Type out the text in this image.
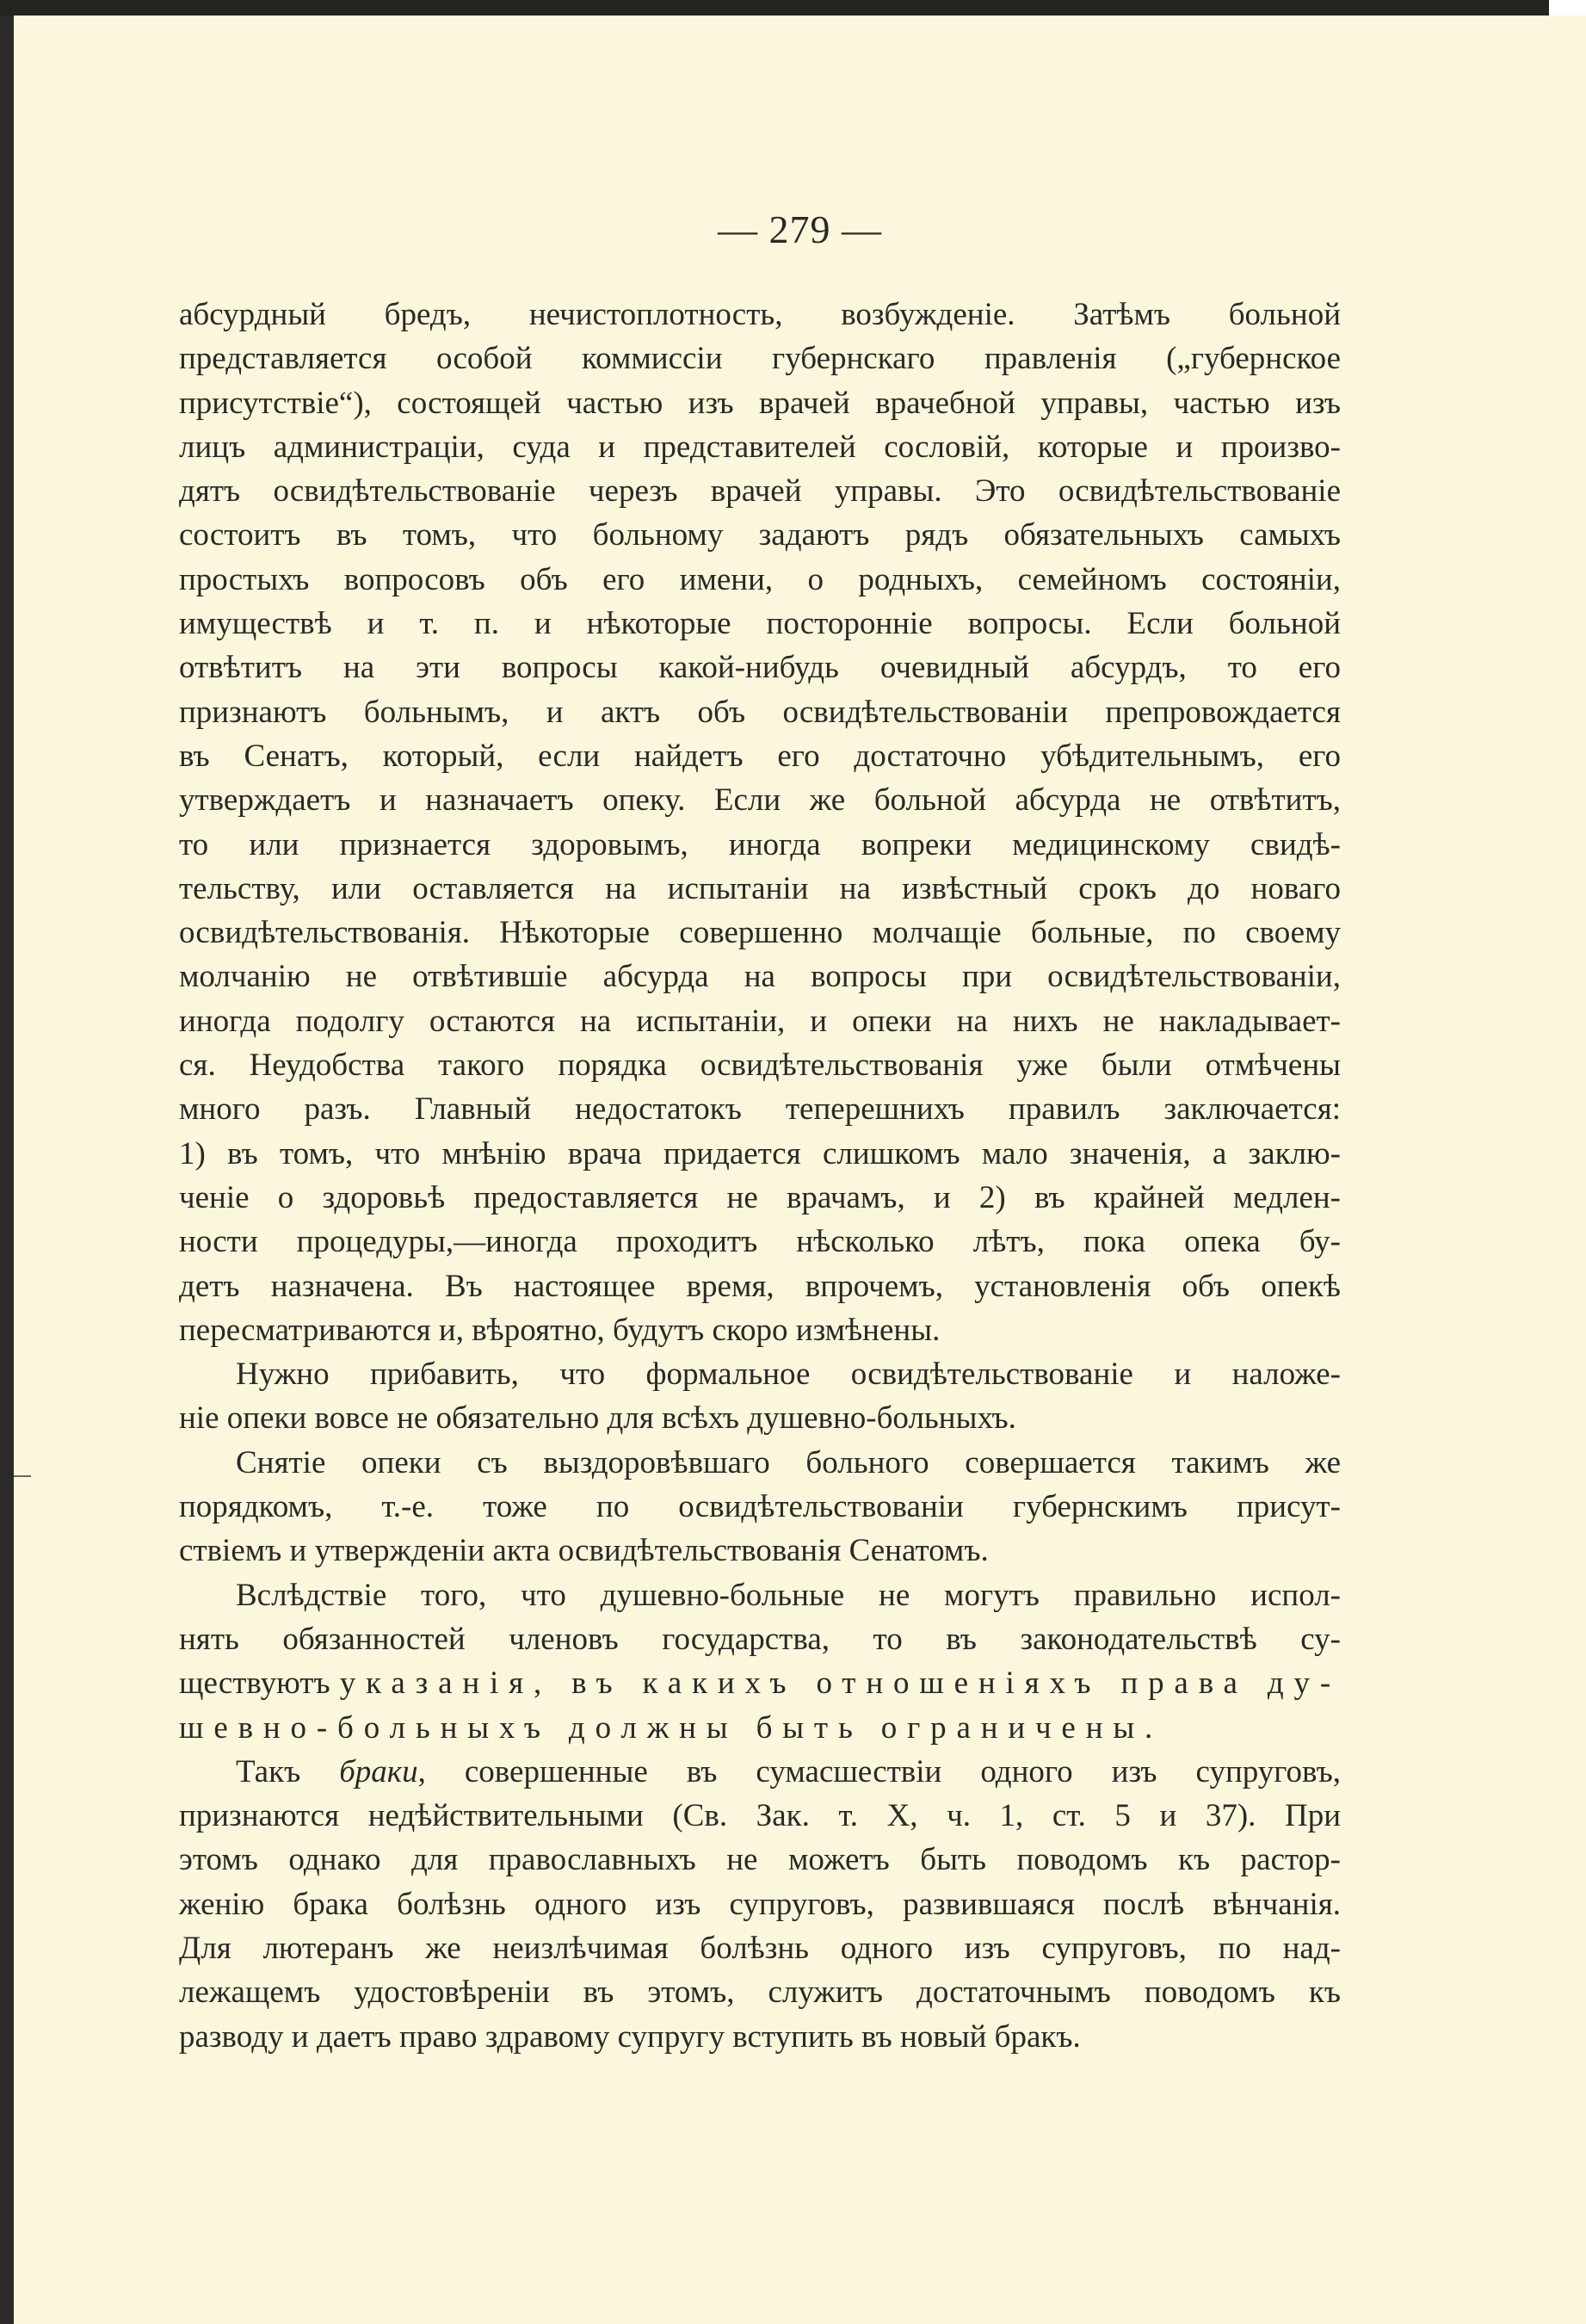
— 279 —
абсурдный бредъ, нечистоплотность, возбужденіе. Затѣмъ больной
представляется особой коммиссіи губернскаго правленія („губернское
присутствіе“), состоящей частью изъ врачей врачебной управы, частью изъ
лицъ администраціи, суда и представителей сословій, которые и произво-
дятъ освидѣтельствованіе черезъ врачей управы. Это освидѣтельствованіе
состоитъ въ томъ, что больному задаютъ рядъ обязательныхъ самыхъ
простыхъ вопросовъ объ его имени, о родныхъ, семейномъ состояніи,
имуществѣ и т. п. и нѣкоторые посторонніе вопросы. Если больной
отвѣтитъ на эти вопросы какой-нибудь очевидный абсурдъ, то его
признаютъ больнымъ, и актъ объ освидѣтельствованіи препровождается
въ Сенатъ, который, если найдетъ его достаточно убѣдительнымъ, его
утверждаетъ и назначаетъ опеку. Если же больной абсурда не отвѣтитъ,
то или признается здоровымъ, иногда вопреки медицинскому свидѣ-
тельству, или оставляется на испытаніи на извѣстный срокъ до новаго
освидѣтельствованія. Нѣкоторые совершенно молчащіе больные, по своему
молчанію не отвѣтившіе абсурда на вопросы при освидѣтельствованіи,
иногда подолгу остаются на испытаніи, и опеки на нихъ не накладывает-
ся. Неудобства такого порядка освидѣтельствованія уже были отмѣчены
много разъ. Главный недостатокъ теперешнихъ правилъ заключается:
1) въ томъ, что мнѣнію врача придается слишкомъ мало значенія, а заклю-
ченіе о здоровьѣ предоставляется не врачамъ, и 2) въ крайней медлен-
ности процедуры,—иногда проходитъ нѣсколько лѣтъ, пока опека бу-
детъ назначена. Въ настоящее время, впрочемъ, установленія объ опекѣ
пересматриваются и, вѣроятно, будутъ скоро измѣнены.
Нужно прибавить, что формальное освидѣтельствованіе и наложе-
ніе опеки вовсе не обязательно для всѣхъ душевно-больныхъ.
Снятіе опеки съ выздоровѣвшаго больного совершается такимъ же
порядкомъ, т.-е. тоже по освидѣтельствованіи губернскимъ присут-
ствіемъ и утвержденіи акта освидѣтельствованія Сенатомъ.
Вслѣдствіе того, что душевно-больные не могутъ правильно испол-
нять обязанностей членовъ государства, то въ законодательствѣ су-
ществуютъ указанія, въ какихъ отношеніяхъ права ду-
шевно-больныхъ должны быть ограничены.
Такъ браки, совершенные въ сумасшествіи одного изъ супруговъ,
признаются недѣйствительными (Св. Зак. т. X, ч. 1, ст. 5 и 37). При
этомъ однако для православныхъ не можетъ быть поводомъ къ растор-
женію брака болѣзнь одного изъ супруговъ, развившаяся послѣ вѣнчанія.
Для лютеранъ же неизлѣчимая болѣзнь одного изъ супруговъ, по над-
лежащемъ удостовѣреніи въ этомъ, служитъ достаточнымъ поводомъ къ
разводу и даетъ право здравому супругу вступить въ новый бракъ.
